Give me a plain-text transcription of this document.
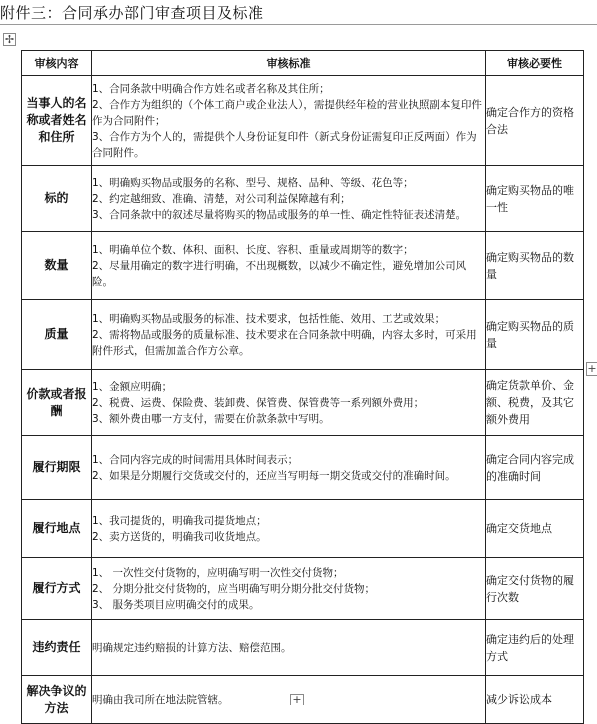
附件三：合同承办部门审查项目及标准
✢
+
+
审核内容	审核标准	审核必要性
当事人的名称或者姓名和住所	1、合同条款中明确合作方姓名或者名称及其住所；
2、合作方为组织的（个体工商户或企业法人），需提供经年检的营业执照副本复印件作为合同附件；
3、合作方为个人的，需提供个人身份证复印件（新式身份证需复印正反两面）作为合同附件。	确定合作方的资格合法
标的	1、明确购买物品或服务的名称、型号、规格、品种、等级、花色等；
2、约定越细致、准确、清楚，对公司利益保障越有利；
3、合同条款中的叙述尽量将购买的物品或服务的单一性、确定性特征表述清楚。	确定购买物品的唯一性
数量	1、明确单位个数、体积、面积、长度、容积、重量或周期等的数字；
2、尽量用确定的数字进行明确，不出现概数，以减少不确定性，避免增加公司风险。	确定购买物品的数量
质量	1、明确购买物品或服务的标准、技术要求，包括性能、效用、工艺或效果；
2、需将物品或服务的质量标准、技术要求在合同条款中明确，内容太多时，可采用附件形式，但需加盖合作方公章。	确定购买物品的质量
价款或者报酬	1、金额应明确；
2、税费、运费、保险费、装卸费、保管费、保管费等一系列额外费用；
3、额外费由哪一方支付，需要在价款条款中写明。	确定货款单价、金额、税费，及其它额外费用
履行期限	1、合同内容完成的时间需用具体时间表示；
2、如果是分期履行交货或交付的，还应当写明每一期交货或交付的准确时间。	确定合同内容完成的准确时间
履行地点	1、我司提货的，明确我司提货地点；
2、卖方送货的，明确我司收货地点。	确定交货地点
履行方式	1、 一次性交付货物的，应明确写明一次性交付货物；
2、 分期分批交付货物的，应当明确写明分期分批交付货物；
3、 服务类项目应明确交付的成果。	确定交付货物的履行次数
违约责任	明确规定违约赔损的计算方法、赔偿范围。	确定违约后的处理方式
解决争议的方法	明确由我司所在地法院管辖。	减少诉讼成本
